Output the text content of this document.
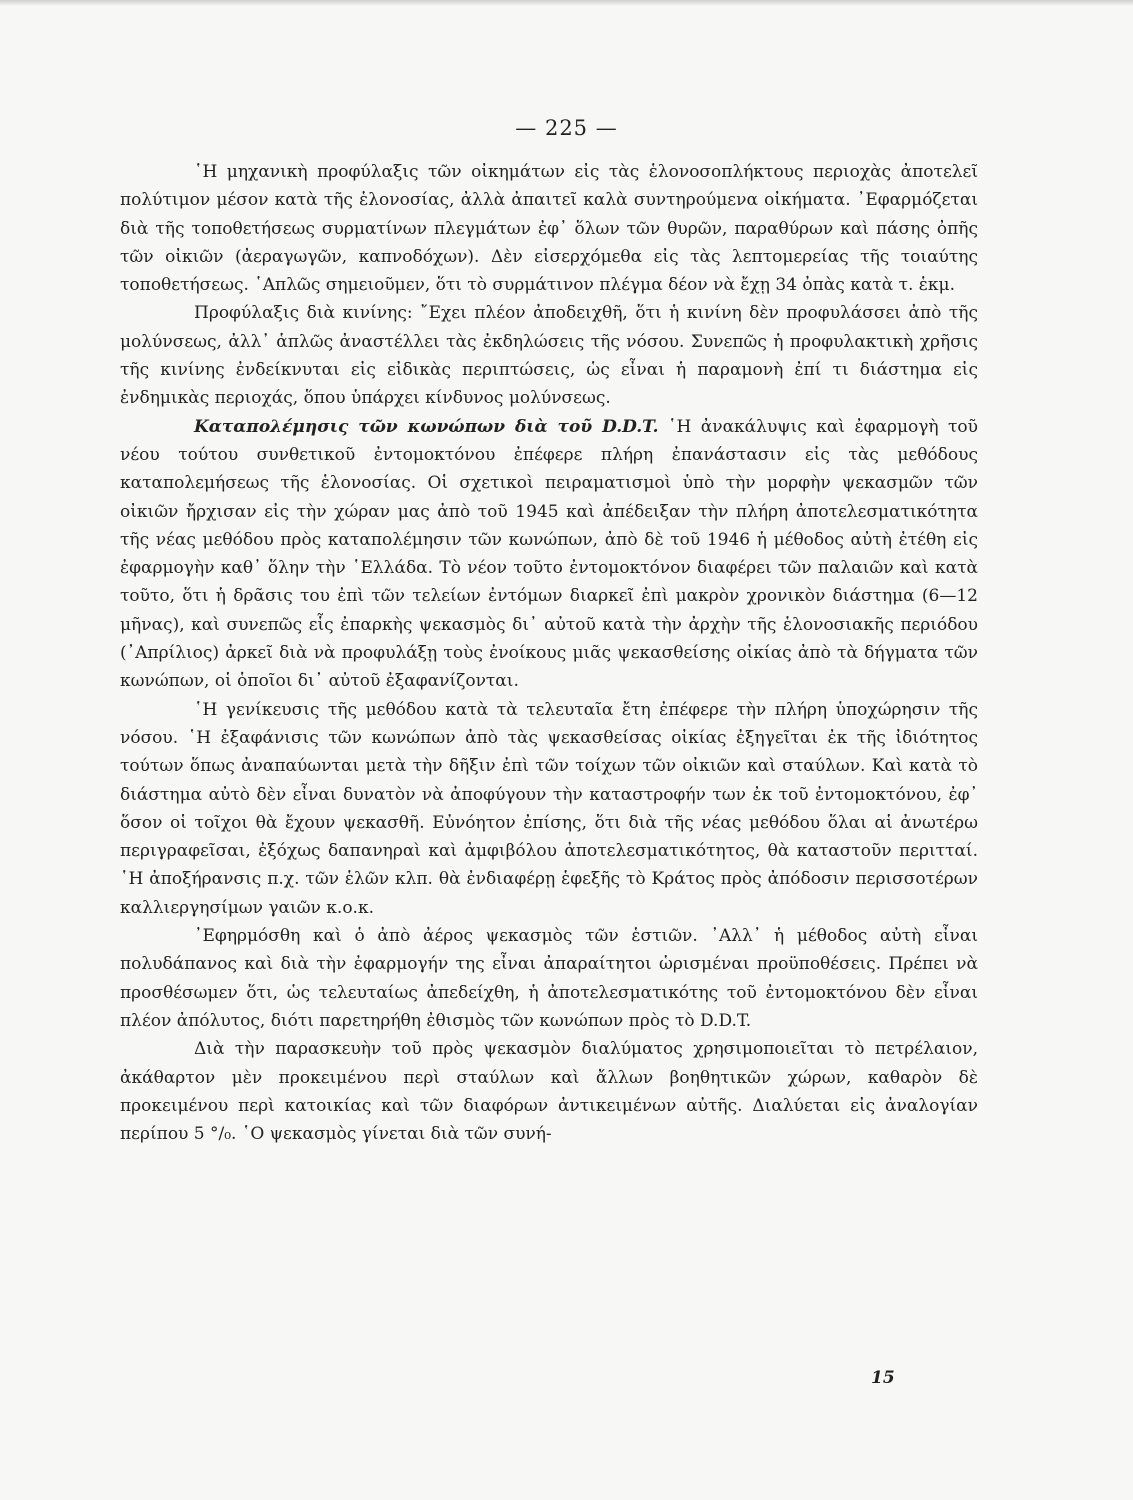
— 225 —

῾Η μηχανικὴ προφύλαξις τῶν οἰκημάτων εἰς τὰς ἑλονοσοπλήκτους περιοχὰς ἀποτελεῖ πολύτιμον μέσον κατὰ τῆς ἑλονοσίας, ἀλλὰ ἀπαιτεῖ καλὰ συντηρούμενα οἰκήματα. ᾿Εφαρμόζεται διὰ τῆς τοποθετήσεως συρματίνων πλεγμάτων ἐφ᾿ ὅλων τῶν θυρῶν, παραθύρων καὶ πάσης ὀπῆς τῶν οἰκιῶν (ἀεραγωγῶν, καπνοδόχων). Δὲν εἰσερχόμεθα εἰς τὰς λεπτομερείας τῆς τοιαύτης τοποθετήσεως. ῾Απλῶς σημειοῦμεν, ὅτι τὸ συρμάτινον πλέγμα δέον νὰ ἔχῃ 34 ὀπὰς κατὰ τ. ἑκμ.

Προφύλαξις διὰ κινίνης: ῎Εχει πλέον ἀποδειχθῆ, ὅτι ἡ κινίνη δὲν προφυλάσσει ἀπὸ τῆς μολύνσεως, ἀλλ᾿ ἁπλῶς ἀναστέλλει τὰς ἐκδηλώσεις τῆς νόσου. Συνεπῶς ἡ προφυλακτικὴ χρῆσις τῆς κινίνης ἐνδείκνυται εἰς εἰδικὰς περιπτώσεις, ὡς εἶναι ἡ παραμονὴ ἐπί τι διάστημα εἰς ἐνδημικὰς περιοχάς, ὅπου ὑπάρχει κίνδυνος μολύνσεως.

Καταπολέμησις τῶν κωνώπων διὰ τοῦ D.D.T. ῾Η ἀνακάλυψις καὶ ἐφαρμογὴ τοῦ νέου τούτου συνθετικοῦ ἐντομοκτόνου ἐπέφερε πλήρη ἐπανάστασιν εἰς τὰς μεθόδους καταπολεμήσεως τῆς ἑλονοσίας. Οἱ σχετικοὶ πειραματισμοὶ ὑπὸ τὴν μορφὴν ψεκασμῶν τῶν οἰκιῶν ἤρχισαν εἰς τὴν χώραν μας ἀπὸ τοῦ 1945 καὶ ἀπέδειξαν τὴν πλήρη ἀποτελεσματικότητα τῆς νέας μεθόδου πρὸς καταπολέμησιν τῶν κωνώπων, ἀπὸ δὲ τοῦ 1946 ἡ μέθοδος αὐτὴ ἐτέθη εἰς ἐφαρμογὴν καθ᾿ ὅλην τὴν ῾Ελλάδα. Τὸ νέον τοῦτο ἐντομοκτόνον διαφέρει τῶν παλαιῶν καὶ κατὰ τοῦτο, ὅτι ἡ δρᾶσις του ἐπὶ τῶν τελείων ἐντόμων διαρκεῖ ἐπὶ μακρὸν χρονικὸν διάστημα (6—12 μῆνας), καὶ συνεπῶς εἷς ἐπαρκὴς ψεκασμὸς δι᾿ αὐτοῦ κατὰ τὴν ἀρχὴν τῆς ἑλονοσιακῆς περιόδου (᾿Απρίλιος) ἀρκεῖ διὰ νὰ προφυλάξῃ τοὺς ἐνοίκους μιᾶς ψεκασθείσης οἰκίας ἀπὸ τὰ δήγματα τῶν κωνώπων, οἱ ὁποῖοι δι᾿ αὐτοῦ ἐξαφανίζονται.

῾Η γενίκευσις τῆς μεθόδου κατὰ τὰ τελευταῖα ἔτη ἐπέφερε τὴν πλήρη ὑποχώρησιν τῆς νόσου. ῾Η ἐξαφάνισις τῶν κωνώπων ἀπὸ τὰς ψεκασθείσας οἰκίας ἐξηγεῖται ἐκ τῆς ἰδιότητος τούτων ὅπως ἀναπαύωνται μετὰ τὴν δῆξιν ἐπὶ τῶν τοίχων τῶν οἰκιῶν καὶ σταύλων. Καὶ κατὰ τὸ διάστημα αὐτὸ δὲν εἶναι δυνατὸν νὰ ἀποφύγουν τὴν καταστροφήν των ἐκ τοῦ ἐντομοκτόνου, ἐφ᾿ ὅσον οἱ τοῖχοι θὰ ἔχουν ψεκασθῆ. Εὐνόητον ἐπίσης, ὅτι διὰ τῆς νέας μεθόδου ὅλαι αἱ ἀνωτέρω περιγραφεῖσαι, ἐξόχως δαπανηραὶ καὶ ἀμφιβόλου ἀποτελεσματικότητος, θὰ καταστοῦν περιτταί. ῾Η ἀποξήρανσις π.χ. τῶν ἑλῶν κλπ. θὰ ἐνδιαφέρῃ ἑφεξῆς τὸ Κράτος πρὸς ἀπόδοσιν περισσοτέρων καλλιεργησίμων γαιῶν κ.ο.κ.

᾿Εφηρμόσθη καὶ ὁ ἀπὸ ἀέρος ψεκασμὸς τῶν ἑστιῶν. ᾿Αλλ᾿ ἡ μέθοδος αὐτὴ εἶναι πολυδάπανος καὶ διὰ τὴν ἐφαρμογήν της εἶναι ἀπαραίτητοι ὡρισμέναι προϋποθέσεις. Πρέπει νὰ προσθέσωμεν ὅτι, ὡς τελευταίως ἀπεδείχθη, ἡ ἀποτελεσματικότης τοῦ ἐντομοκτόνου δὲν εἶναι πλέον ἀπόλυτος, διότι παρετηρήθη ἐθισμὸς τῶν κωνώπων πρὸς τὸ D.D.T.

Διὰ τὴν παρασκευὴν τοῦ πρὸς ψεκασμὸν διαλύματος χρησιμοποιεῖται τὸ πετρέλαιον, ἀκάθαρτον μὲν προκειμένου περὶ σταύλων καὶ ἄλλων βοηθητικῶν χώρων, καθαρὸν δὲ προκειμένου περὶ κατοικίας καὶ τῶν διαφόρων ἀντικειμένων αὐτῆς. Διαλύεται εἰς ἀναλογίαν περίπου 5 °/₀. ῾Ο ψεκασμὸς γίνεται διὰ τῶν συνή-

15
